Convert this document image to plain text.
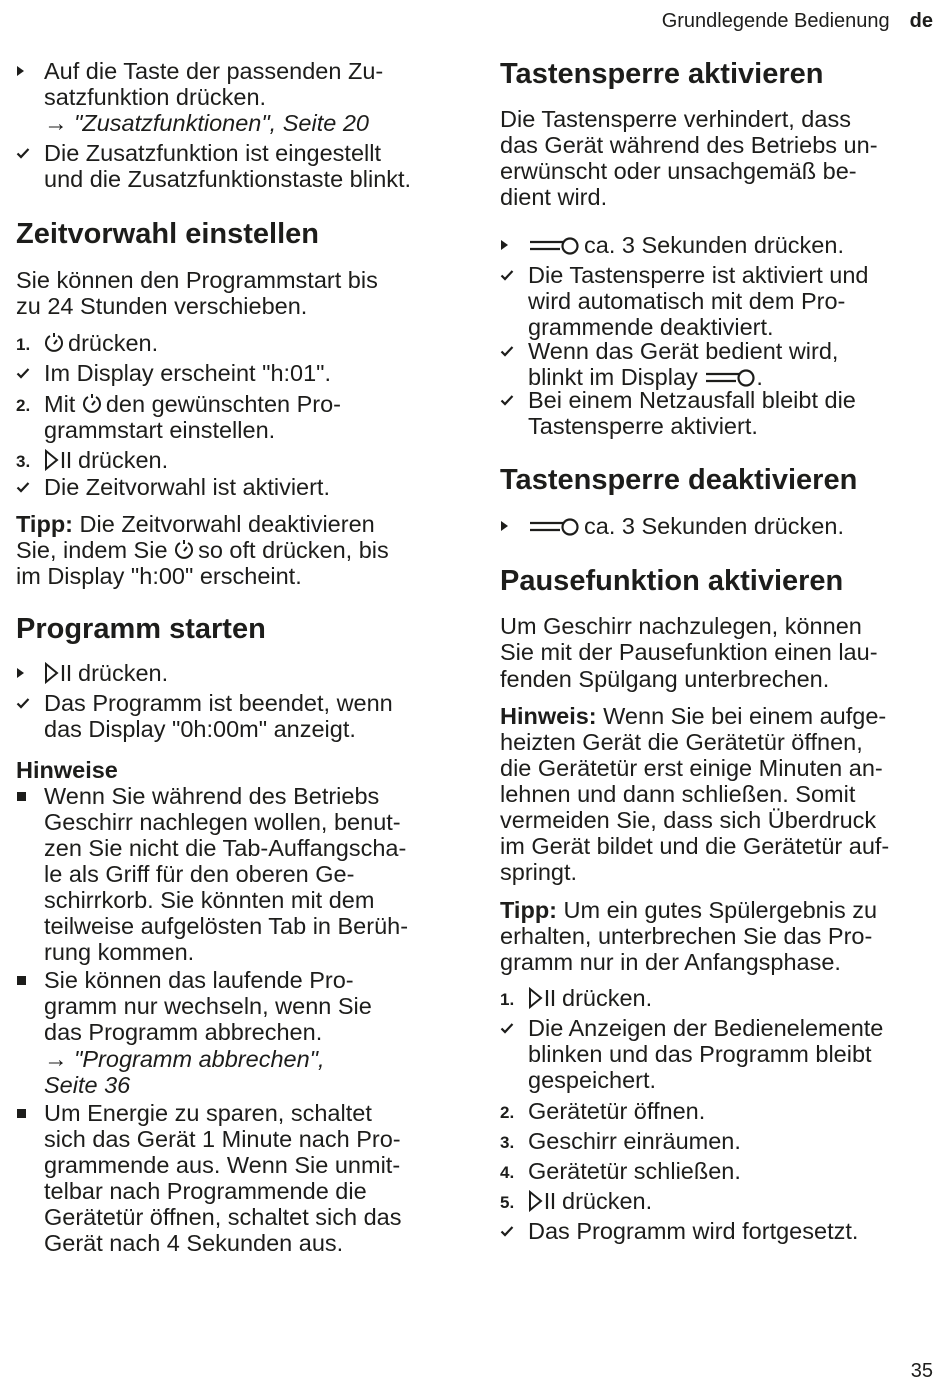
Grundlegende Bedienung de
Auf die Taste der passenden Zu-
satzfunktion drücken.
→ "Zusatzfunktionen", Seite 20
Die Zusatzfunktion ist eingestellt
und die Zusatzfunktionstaste blinkt.
Zeitvorwahl einstellen
Sie können den Programmstart bis
zu 24 Stunden verschieben.
1.	drücken.
Im Display erscheint "h:01".
2. Mit den gewünschten Pro-
grammstart einstellen.
3.	drücken.
Die Zeitvorwahl ist aktiviert.
Tipp: Die Zeitvorwahl deaktivieren
Sie, indem Sie so oft drücken, bis
im Display "h:00" erscheint.
Programm starten
drücken.
Das Programm ist beendet, wenn
das Display "0h:00m" anzeigt.
Hinweise
Wenn Sie während des Betriebs
Geschirr nachlegen wollen, benut-
zen Sie nicht die Tab-Auffangscha-
le als Griff für den oberen Ge-
schirrkorb. Sie könnten mit dem
teilweise aufgelösten Tab in Berüh-
rung kommen.
Sie können das laufende Pro-
gramm nur wechseln, wenn Sie
das Programm abbrechen.
→ "Programm abbrechen",
Seite 36
Um Energie zu sparen, schaltet
sich das Gerät 1 Minute nach Pro-
grammende aus. Wenn Sie unmit-
telbar nach Programmende die
Gerätetür öffnen, schaltet sich das
Gerät nach 4 Sekunden aus.
Tastensperre aktivieren
Die Tastensperre verhindert, dass
das Gerät während des Betriebs un-
erwünscht oder unsachgemäß be-
dient wird.
ca. 3 Sekunden drücken.
Die Tastensperre ist aktiviert und
wird automatisch mit dem Pro-
grammende deaktiviert.
Wenn das Gerät bedient wird,
blinkt im Display .
Bei einem Netzausfall bleibt die
Tastensperre aktiviert.
Tastensperre deaktivieren
ca. 3 Sekunden drücken.
Pausefunktion aktivieren
Um Geschirr nachzulegen, können
Sie mit der Pausefunktion einen lau-
fenden Spülgang unterbrechen.
Hinweis: Wenn Sie bei einem aufge-
heizten Gerät die Gerätetür öffnen,
die Gerätetür erst einige Minuten an-
lehnen und dann schließen. Somit
vermeiden Sie, dass sich Überdruck
im Gerät bildet und die Gerätetür auf-
springt.
Tipp: Um ein gutes Spülergebnis zu
erhalten, unterbrechen Sie das Pro-
gramm nur in der Anfangsphase.
1.	drücken.
Die Anzeigen der Bedienelemente
blinken und das Programm bleibt
gespeichert.
2. Gerätetür öffnen.
3. Geschirr einräumen.
4. Gerätetür schließen.
5.	drücken.
Das Programm wird fortgesetzt.
35
